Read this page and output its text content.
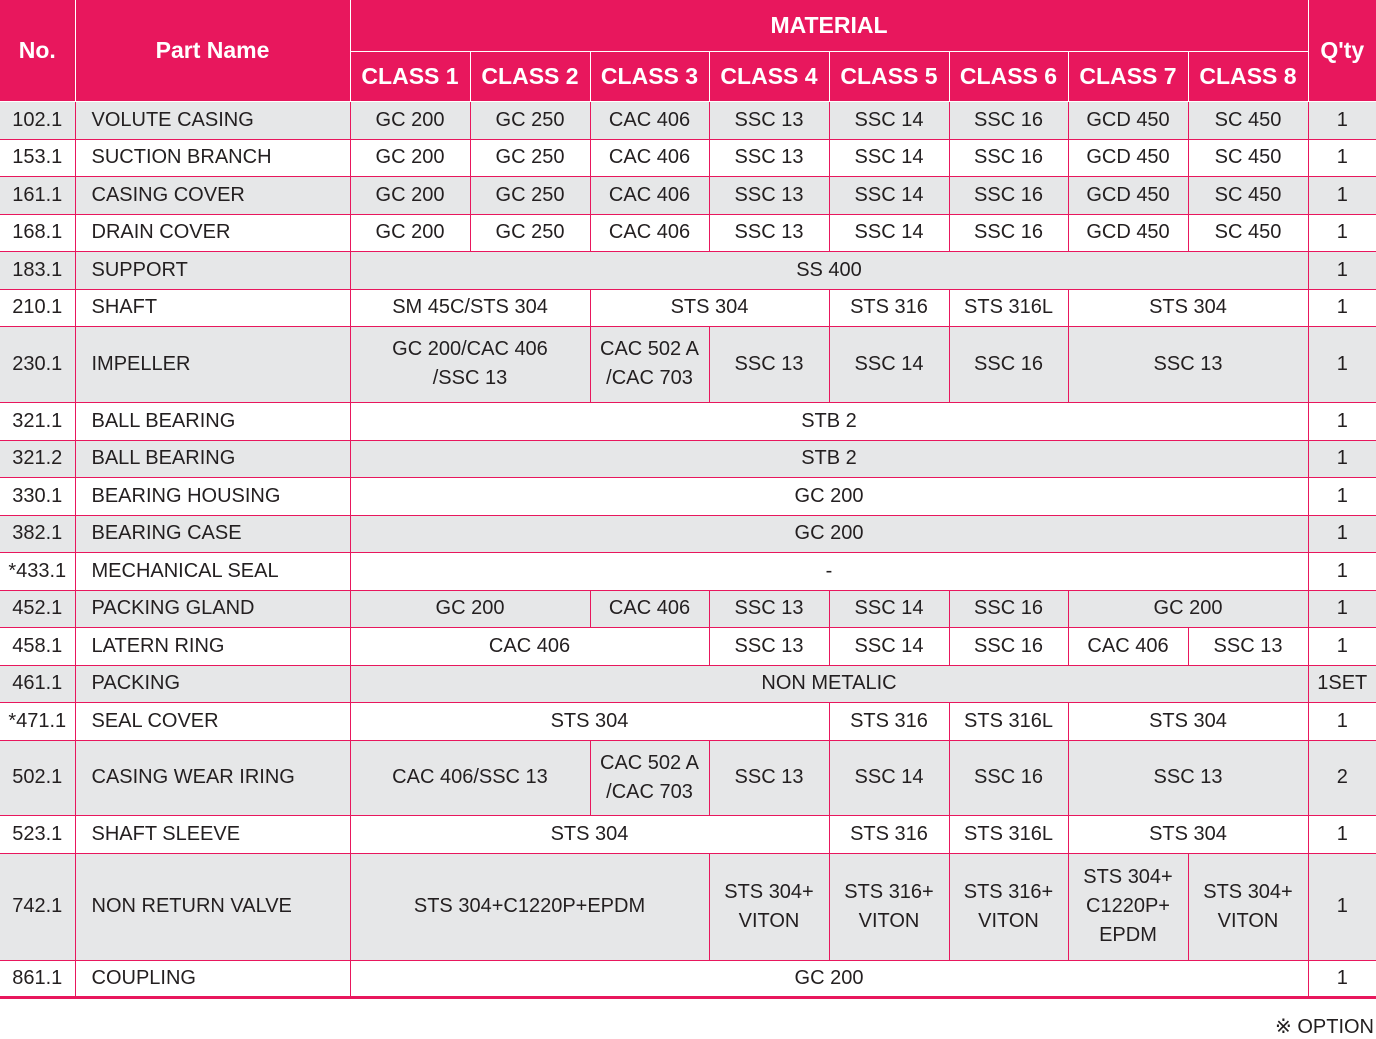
No.	Part Name	MATERIAL								Q'ty
		CLASS 1	CLASS 2	CLASS 3	CLASS 4	CLASS 5	CLASS 6	CLASS 7	CLASS 8	
102.1	VOLUTE CASING	GC 200	GC 250	CAC 406	SSC 13	SSC 14	SSC 16	GCD 450	SC 450	1
153.1	SUCTION BRANCH	GC 200	GC 250	CAC 406	SSC 13	SSC 14	SSC 16	GCD 450	SC 450	1
161.1	CASING COVER	GC 200	GC 250	CAC 406	SSC 13	SSC 14	SSC 16	GCD 450	SC 450	1
168.1	DRAIN COVER	GC 200	GC 250	CAC 406	SSC 13	SSC 14	SSC 16	GCD 450	SC 450	1
183.1	SUPPORT	SS 400								1
210.1	SHAFT	SM 45C/STS 304		STS 304		STS 316	STS 316L	STS 304		1
230.1	IMPELLER	GC 200/CAC 406
/SSC 13		CAC 502 A
/CAC 703	SSC 13	SSC 14	SSC 16	SSC 13		1
321.1	BALL BEARING	STB 2								1
321.2	BALL BEARING	STB 2								1
330.1	BEARING HOUSING	GC 200								1
382.1	BEARING CASE	GC 200								1
*433.1	MECHANICAL SEAL	-								1
452.1	PACKING GLAND	GC 200		CAC 406	SSC 13	SSC 14	SSC 16	GC 200		1
458.1	LATERN RING	CAC 406			SSC 13	SSC 14	SSC 16	CAC 406	SSC 13	1
461.1	PACKING	NON METALIC								1SET
*471.1	SEAL COVER	STS 304				STS 316	STS 316L	STS 304		1
502.1	CASING WEAR IRING	CAC 406/SSC 13		CAC 502 A
/CAC 703	SSC 13	SSC 14	SSC 16	SSC 13		2
523.1	SHAFT SLEEVE	STS 304				STS 316	STS 316L	STS 304		1
742.1	NON RETURN VALVE	STS 304+C1220P+EPDM			STS 304+
VITON	STS 316+
VITON	STS 316+
VITON	STS 304+
C1220P+
EPDM	STS 304+
VITON	1
861.1	COUPLING	GC 200								1
※ OPTION
